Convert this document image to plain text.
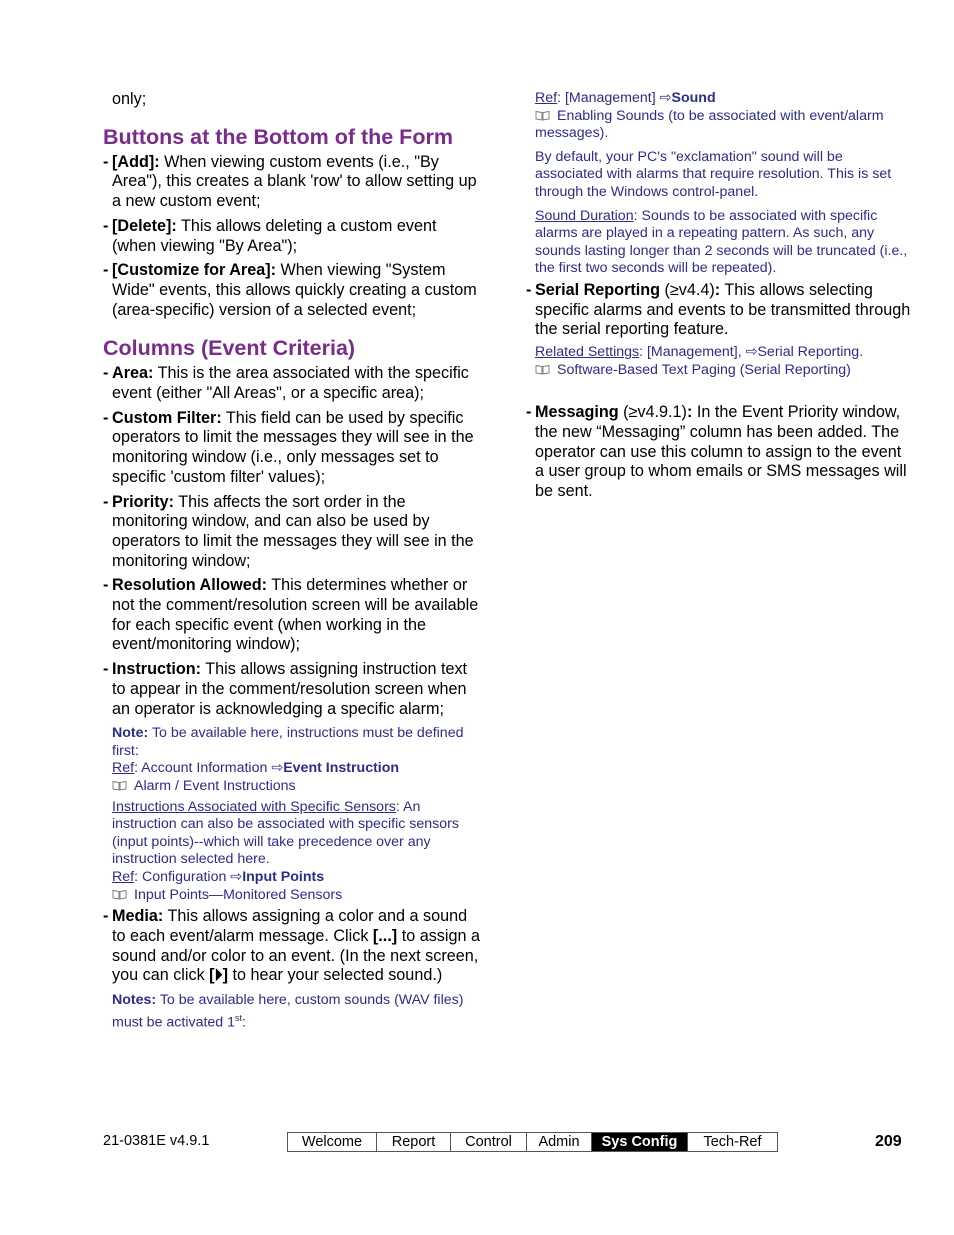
only;

Buttons at the Bottom of the Form
- [Add]: When viewing custom events (i.e., "By Area"), this creates a blank 'row' to allow setting up a new custom event;
- [Delete]: This allows deleting a custom event (when viewing "By Area");
- [Customize for Area]: When viewing "System Wide" events, this allows quickly creating a custom (area-specific) version of a selected event;
Columns (Event Criteria)
- Area: This is the area associated with the specific event (either "All Areas", or a specific area);
- Custom Filter: This field can be used by specific operators to limit the messages they will see in the monitoring window (i.e., only messages set to specific 'custom filter' values);
- Priority: This affects the sort order in the monitoring window, and can also be used by operators to limit the messages they will see in the monitoring window;
- Resolution Allowed: This determines whether or not the comment/resolution screen will be available for each specific event (when working in the event/monitoring window);
- Instruction: This allows assigning instruction text to appear in the comment/resolution screen when an operator is acknowledging a specific alarm;

Note: To be available here, instructions must be defined first:

Ref: Account Information ⇨Event Instruction

Alarm / Event Instructions

Instructions Associated with Specific Sensors: An instruction can also be associated with specific sensors (input points)--which will take precedence over any instruction selected here.

Ref: Configuration ⇨Input Points

Input Points—Monitored Sensors

- Media: This allows assigning a color and a sound to each event/alarm message. Click [...] to assign a sound and/or color to an event. (In the next screen, you can click [⏵] to hear your selected sound.)

Notes: To be available here, custom sounds (WAV files) must be activated 1st:

Ref: [Management] ⇨Sound

Enabling Sounds (to be associated with event/alarm messages).

By default, your PC's "exclamation" sound will be associated with alarms that require resolution. This is set through the Windows control-panel.

Sound Duration: Sounds to be associated with specific alarms are played in a repeating pattern. As such, any sounds lasting longer than 2 seconds will be truncated (i.e., the first two seconds will be repeated).

- Serial Reporting (≥v4.4): This allows selecting specific alarms and events to be transmitted through the serial reporting feature.

Related Settings: [Management], ⇨Serial Reporting.

Software-Based Text Paging (Serial Reporting)

- Messaging (≥v4.9.1): In the Event Priority window, the new “Messaging” column has been added. The operator can use this column to assign to the event a user group to whom emails or SMS messages will be sent.
21-0381E v4.9.1	Welcome	Report	Control	Admin	Sys Config	Tech-Ref	209
